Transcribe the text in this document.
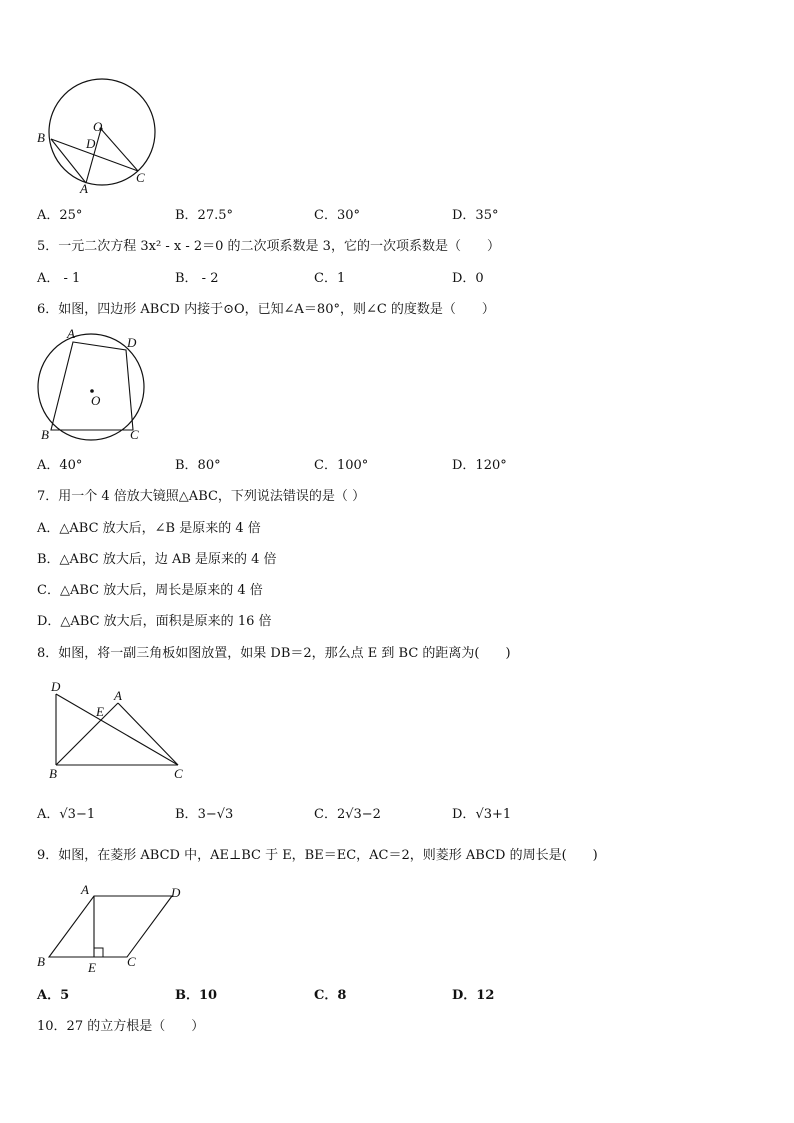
B
O
D
A
C
A．25°	B．27.5°	C．30°	D．35°
5．一元二次方程 3x² - x - 2＝0 的二次项系数是 3，它的一次项系数是（　　）
A． - 1	B． - 2	C．1	D．0
6．如图，四边形 ABCD 内接于⊙O，已知∠A＝80°，则∠C 的度数是（　　）
A
D
O
B	C
A．40°	B．80°	C．100°	D．120°
7．用一个 4 倍放大镜照△ABC，下列说法错误的是（ ）
A．△ABC 放大后，∠B 是原来的 4 倍
B．△ABC 放大后，边 AB 是原来的 4 倍
C．△ABC 放大后，周长是原来的 4 倍
D．△ABC 放大后，面积是原来的 16 倍
8．如图，将一副三角板如图放置，如果 DB＝2，那么点 E 到 BC 的距离为(　　)
D
A
E
B	C
A．√3−1	B．3−√3	C．2√3−2	D．√3+1
9．如图，在菱形 ABCD 中，AE⊥BC 于 E，BE＝EC，AC＝2，则菱形 ABCD 的周长是(　　)
A	D
B	E C
A．5	B．10	C．8	D．12
10．27 的立方根是（　　）
